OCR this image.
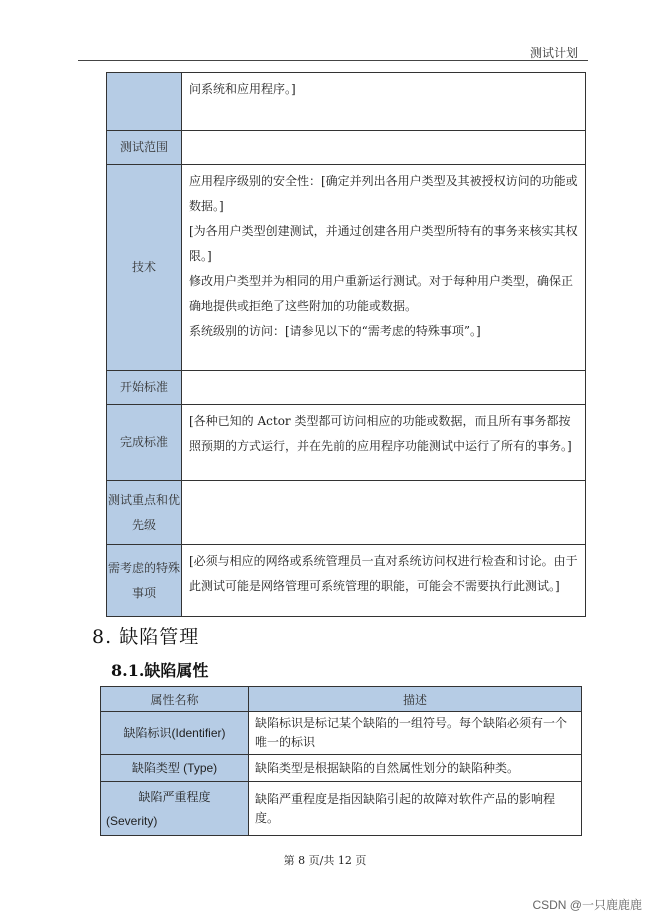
测试计划

	问系统和应用程序。]

测试范围	
技术	应用程序级别的安全性：[确定并列出各用户类型及其被授权访问的功能或数据。]

[为各用户类型创建测试，并通过创建各用户类型所特有的事务来核实其权限。]

修改用户类型并为相同的用户重新运行测试。对于每种用户类型，确保正确地提供或拒绝了这些附加的功能或数据。

系统级别的访问：[请参见以下的“需考虑的特殊事项”。]

开始标准	
完成标准	[各种已知的 Actor 类型都可访问相应的功能或数据，而且所有事务都按照预期的方式运行，并在先前的应用程序功能测试中运行了所有的事务。]

测试重点和优先级	
需考虑的特殊事项	[必须与相应的网络或系统管理员一直对系统访问权进行检查和讨论。由于此测试可能是网络管理可系统管理的职能，可能会不需要执行此测试。]

8. 缺陷管理
8.1.缺陷属性
属性名称	描述
缺陷标识(Identifier)	缺陷标识是标记某个缺陷的一组符号。每个缺陷必须有一个唯一的标识
缺陷类型 (Type)	缺陷类型是根据缺陷的自然属性划分的缺陷种类。

缺陷严重程度
(Severity)	缺陷严重程度是指因缺陷引起的故障对软件产品的影响程度。
第 8 页/共 12 页
CSDN @一只鹿鹿鹿
